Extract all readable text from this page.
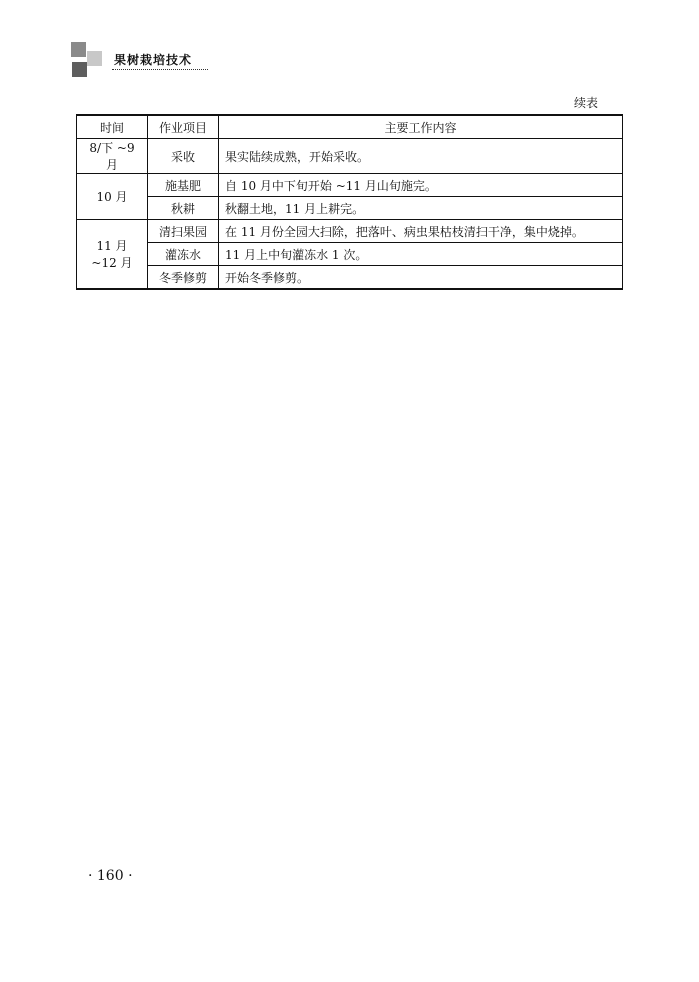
果树栽培技术
续表
时间	作业项目	主要工作内容
8/下 ~9 月	采收	果实陆续成熟，开始采收。
10 月	施基肥	自 10 月中下旬开始 ~11 月山旬施完。
	秋耕	秋翻土地，11 月上耕完。
11 月 ~12 月	清扫果园	在 11 月份全园大扫除，把落叶、病虫果枯枝清扫干净，集中烧掉。
	灌冻水	11 月上中旬灌冻水 1 次。
	冬季修剪	开始冬季修剪。
· 160 ·
